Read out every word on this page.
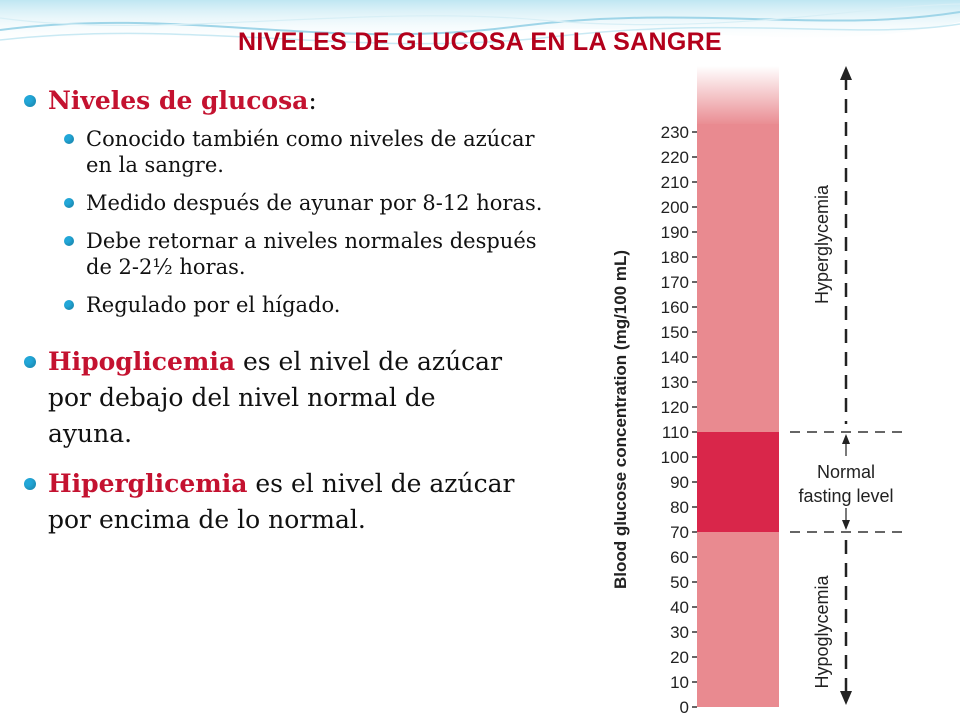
NIVELES DE GLUCOSA EN LA SANGRE
Niveles de glucosa:
Conocido también como niveles de azúcar en la sangre.
Medido después de ayunar por 8-12 horas.
Debe retornar a niveles normales después de 2-2½ horas.
Regulado por el hígado.
Hipoglicemia es el nivel de azúcar por debajo del nivel normal de ayuna.
Hiperglicemia es el nivel de azúcar por encima de lo normal.
0
10
20
30
40
50
60
70
80
90
100
110
120
130
140
150
160
170
180
190
200
210
220
230
Blood glucose concentration (mg/100 mL)
Hyperglycemia
Hypoglycemia
Normal
fasting level
